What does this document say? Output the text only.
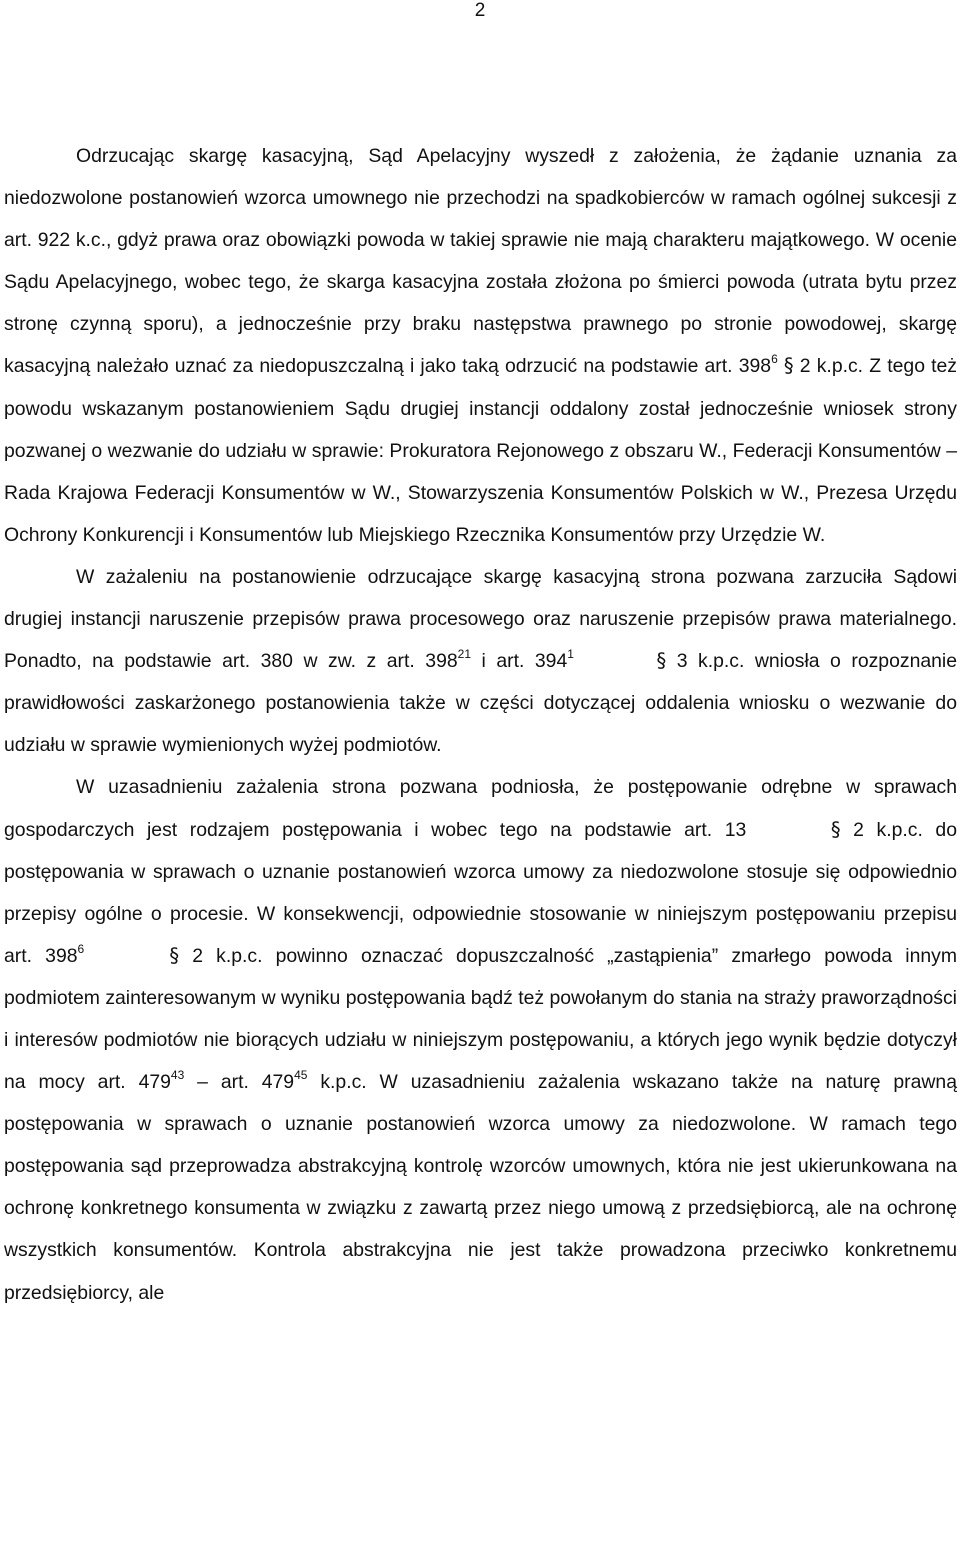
2

Odrzucając skargę kasacyjną, Sąd Apelacyjny wyszedł z założenia, że żądanie uznania za niedozwolone postanowień wzorca umownego nie przechodzi na spadkobierców w ramach ogólnej sukcesji z art. 922 k.c., gdyż prawa oraz obowiązki powoda w takiej sprawie nie mają charakteru majątkowego. W ocenie Sądu Apelacyjnego, wobec tego, że skarga kasacyjna została złożona po śmierci powoda (utrata bytu przez stronę czynną sporu), a jednocześnie przy braku następstwa prawnego po stronie powodowej, skargę kasacyjną należało uznać za niedopuszczalną i jako taką odrzucić na podstawie art. $398^6$ § 2 k.p.c. Z tego też powodu wskazanym postanowieniem Sądu drugiej instancji oddalony został jednocześnie wniosek strony pozwanej o wezwanie do udziału w sprawie: Prokuratora Rejonowego z obszaru W., Federacji Konsumentów – Rada Krajowa Federacji Konsumentów w W., Stowarzyszenia Konsumentów Polskich w W., Prezesa Urzędu Ochrony Konkurencji i Konsumentów lub Miejskiego Rzecznika Konsumentów przy Urzędzie W.

W zażaleniu na postanowienie odrzucające skargę kasacyjną strona pozwana zarzuciła Sądowi drugiej instancji naruszenie przepisów prawa procesowego oraz naruszenie przepisów prawa materialnego. Ponadto, na podstawie art. 380 w zw. z art. $398^{21}$ i art. $394^1$	§ 3 k.p.c. wniosła o rozpoznanie prawidłowości zaskarżonego postanowienia także w części dotyczącej oddalenia wniosku o wezwanie do udziału w sprawie wymienionych wyżej podmiotów.

W uzasadnieniu zażalenia strona pozwana podniosła, że postępowanie odrębne w sprawach gospodarczych jest rodzajem postępowania i wobec tego na podstawie art. 13	§ 2 k.p.c. do postępowania w sprawach o uznanie postanowień wzorca umowy za niedozwolone stosuje się odpowiednio przepisy ogólne o procesie. W konsekwencji, odpowiednie stosowanie w niniejszym postępowaniu przepisu art. $398^6$	§ 2 k.p.c. powinno oznaczać dopuszczalność „zastąpienia” zmarłego powoda innym podmiotem zainteresowanym w wyniku postępowania bądź też powołanym do stania na straży praworządności i interesów podmiotów nie biorących udziału w niniejszym postępowaniu, a których jego wynik będzie dotyczył na mocy art. $479^{43}$ – art. $479^{45}$ k.p.c. W uzasadnieniu zażalenia wskazano także na naturę prawną postępowania w sprawach o uznanie postanowień wzorca umowy za niedozwolone. W ramach tego postępowania sąd przeprowadza abstrakcyjną kontrolę wzorców umownych, która nie jest ukierunkowana na ochronę konkretnego konsumenta w związku z zawartą przez niego umową z przedsiębiorcą, ale na ochronę wszystkich konsumentów. Kontrola abstrakcyjna nie jest także prowadzona przeciwko konkretnemu przedsiębiorcy, ale
